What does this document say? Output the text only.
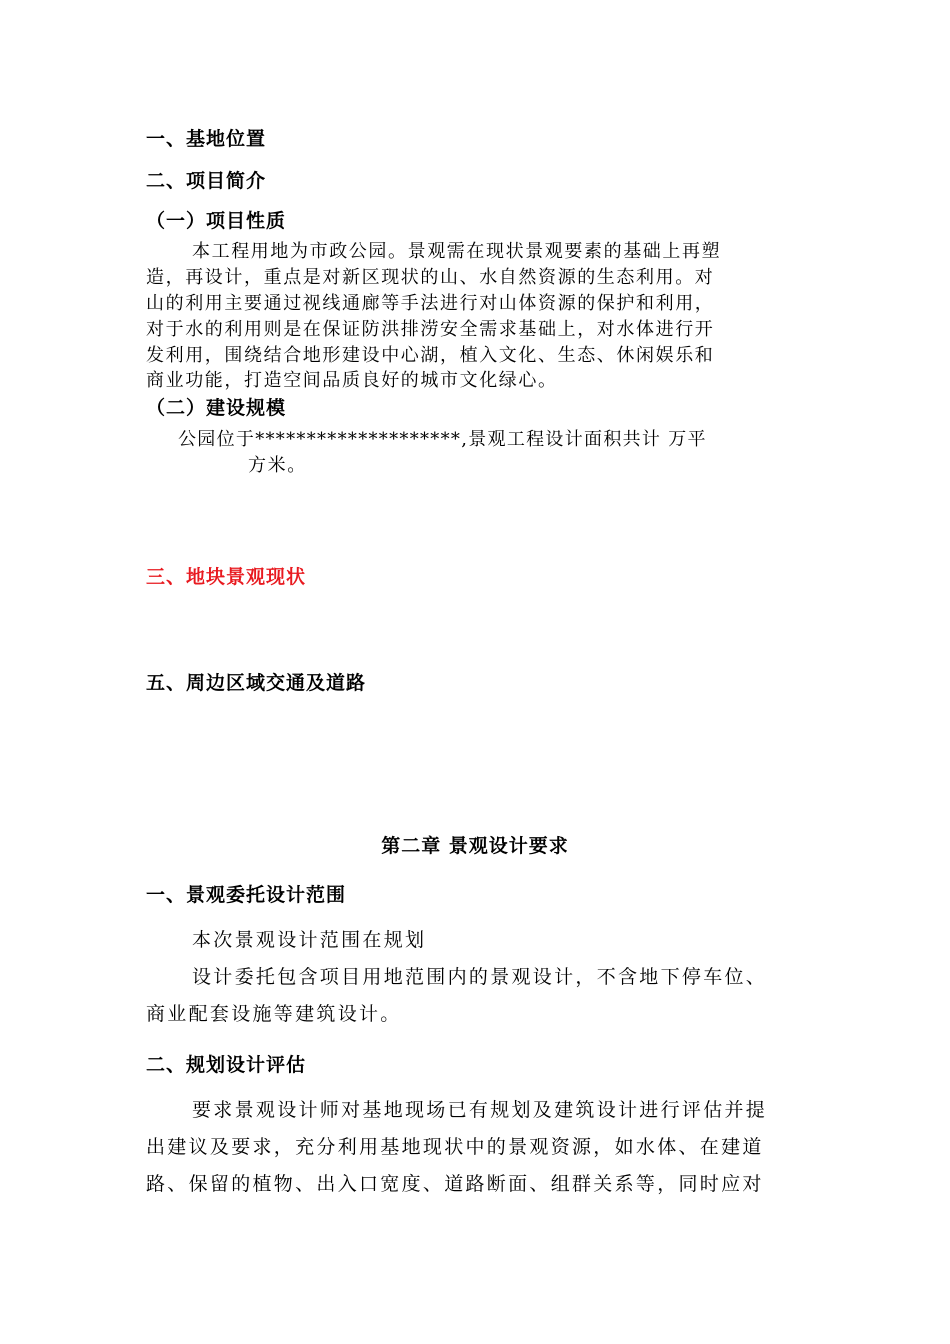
一、基地位置
二、项目简介
（一）项目性质
本工程用地为市政公园。景观需在现状景观要素的基础上再塑
造，再设计，重点是对新区现状的山、水自然资源的生态利用。对
山的利用主要通过视线通廊等手法进行对山体资源的保护和利用，
对于水的利用则是在保证防洪排涝安全需求基础上，对水体进行开
发利用，围绕结合地形建设中心湖，植入文化、生态、休闲娱乐和
商业功能，打造空间品质良好的城市文化绿心。
（二）建设规模
公园位于********************,景观工程设计面积共计 万平
方米。
三、地块景观现状
五、周边区域交通及道路
第二章 景观设计要求
一、景观委托设计范围
本次景观设计范围在规划
设计委托包含项目用地范围内的景观设计，不含地下停车位、
商业配套设施等建筑设计。
二、规划设计评估
要求景观设计师对基地现场已有规划及建筑设计进行评估并提
出建议及要求，充分利用基地现状中的景观资源，如水体、在建道
路、保留的植物、出入口宽度、道路断面、组群关系等，同时应对
